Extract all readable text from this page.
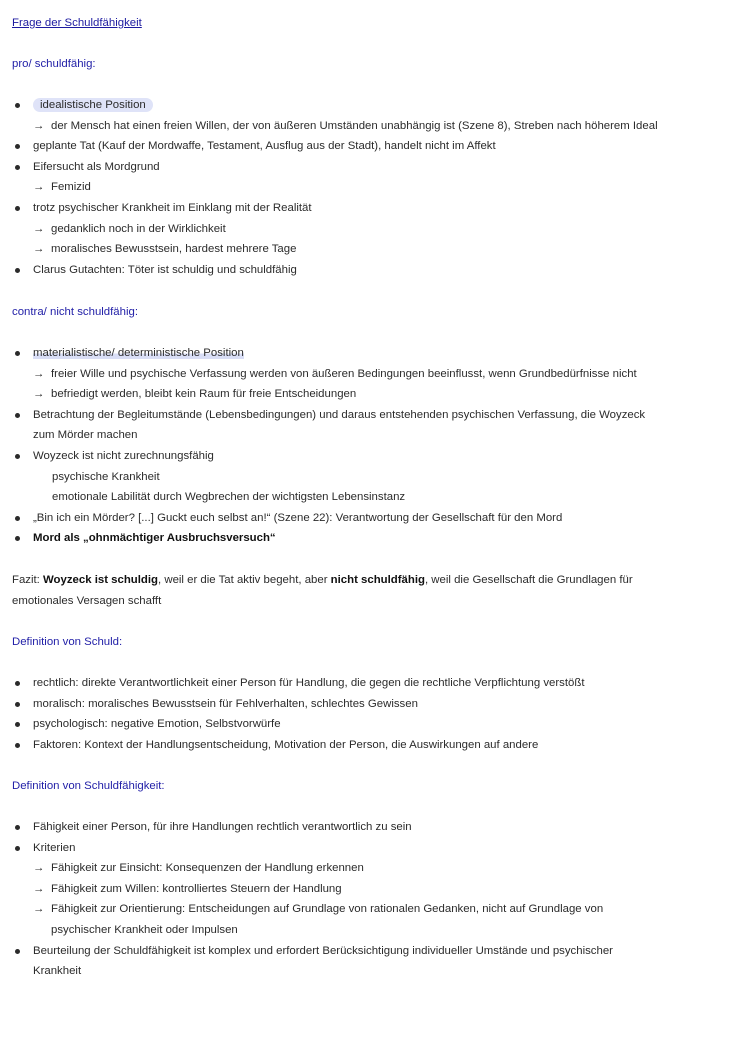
Frage der Schuldfähigkeit
pro/ schuldfähig:
idealistische Position
→ der Mensch hat einen freien Willen, der von äußeren Umständen unabhängig ist (Szene 8), Streben nach höherem Ideal
geplante Tat (Kauf der Mordwaffe, Testament, Ausflug aus der Stadt), handelt nicht im Affekt
Eifersucht als Mordgrund
→ Femizid
trotz psychischer Krankheit im Einklang mit der Realität
→ gedanklich noch in der Wirklichkeit
→ moralisches Bewusstsein, hardest mehrere Tage
Clarus Gutachten: Töter ist schuldig und schuldfähig
contra/ nicht schuldfähig:
materialistische/ deterministische Position
→ freier Wille und psychische Verfassung werden von äußeren Bedingungen beeinflusst, wenn Grundbedürfnisse nicht
→ befriedigt werden, bleibt kein Raum für freie Entscheidungen
Betrachtung der Begleitumstände (Lebensbedingungen) und daraus entstehenden psychischen Verfassung, die Woyzeck
zum Mörder machen
Woyzeck ist nicht zurechnungsfähig
psychische Krankheit
emotionale Labilität durch Wegbrechen der wichtigsten Lebensinstanz
„Bin ich ein Mörder? [...] Guckt euch selbst an!“ (Szene 22): Verantwortung der Gesellschaft für den Mord
Mord als „ohnmächtiger Ausbruchsversuch“
Fazit: Woyzeck ist schuldig, weil er die Tat aktiv begeht, aber nicht schuldfähig, weil die Gesellschaft die Grundlagen für
emotionales Versagen schafft
Definition von Schuld:
rechtlich: direkte Verantwortlichkeit einer Person für Handlung, die gegen die rechtliche Verpflichtung verstößt
moralisch: moralisches Bewusstsein für Fehlverhalten, schlechtes Gewissen
psychologisch: negative Emotion, Selbstvorwürfe
Faktoren: Kontext der Handlungsentscheidung, Motivation der Person, die Auswirkungen auf andere
Definition von Schuldfähigkeit:
Fähigkeit einer Person, für ihre Handlungen rechtlich verantwortlich zu sein
Kriterien
→ Fähigkeit zur Einsicht: Konsequenzen der Handlung erkennen
→ Fähigkeit zum Willen: kontrolliertes Steuern der Handlung
→ Fähigkeit zur Orientierung: Entscheidungen auf Grundlage von rationalen Gedanken, nicht auf Grundlage von
psychischer Krankheit oder Impulsen
Beurteilung der Schuldfähigkeit ist komplex und erfordert Berücksichtigung individueller Umstände und psychischer
Krankheit
